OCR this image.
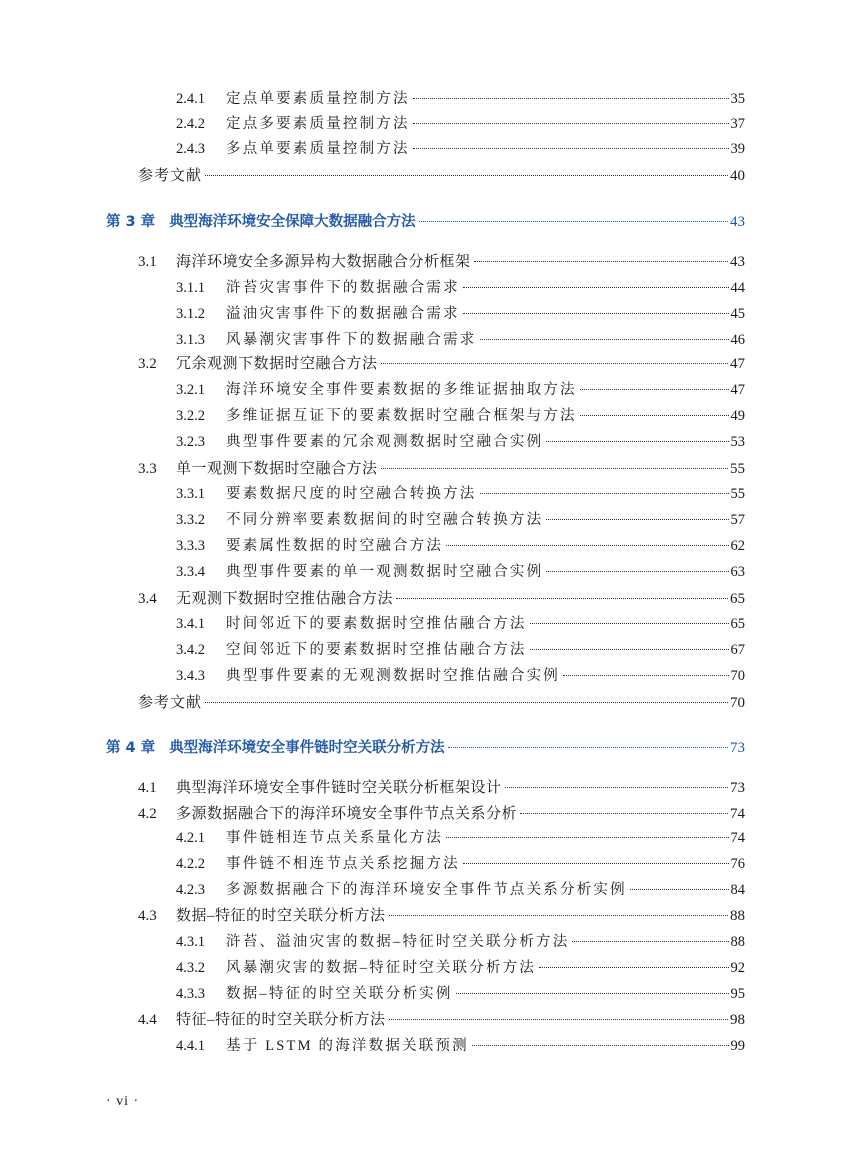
2.4.1	定点单要素质量控制方法	35
2.4.2	定点多要素质量控制方法	37
2.4.3	多点单要素质量控制方法	39
参考文献	40
第 3 章 典型海洋环境安全保障大数据融合方法	43
3.1	海洋环境安全多源异构大数据融合分析框架	43
3.1.1	浒苔灾害事件下的数据融合需求	44
3.1.2	溢油灾害事件下的数据融合需求	45
3.1.3	风暴潮灾害事件下的数据融合需求	46
3.2	冗余观测下数据时空融合方法	47
3.2.1	海洋环境安全事件要素数据的多维证据抽取方法	47
3.2.2	多维证据互证下的要素数据时空融合框架与方法	49
3.2.3	典型事件要素的冗余观测数据时空融合实例	53
3.3	单一观测下数据时空融合方法	55
3.3.1	要素数据尺度的时空融合转换方法	55
3.3.2	不同分辨率要素数据间的时空融合转换方法	57
3.3.3	要素属性数据的时空融合方法	62
3.3.4	典型事件要素的单一观测数据时空融合实例	63
3.4	无观测下数据时空推估融合方法	65
3.4.1	时间邻近下的要素数据时空推估融合方法	65
3.4.2	空间邻近下的要素数据时空推估融合方法	67
3.4.3	典型事件要素的无观测数据时空推估融合实例	70
参考文献	70
第 4 章 典型海洋环境安全事件链时空关联分析方法	73
4.1	典型海洋环境安全事件链时空关联分析框架设计	73
4.2	多源数据融合下的海洋环境安全事件节点关系分析	74
4.2.1	事件链相连节点关系量化方法	74
4.2.2	事件链不相连节点关系挖掘方法	76
4.2.3	多源数据融合下的海洋环境安全事件节点关系分析实例	84
4.3	数据–特征的时空关联分析方法	88
4.3.1	浒苔、溢油灾害的数据–特征时空关联分析方法	88
4.3.2	风暴潮灾害的数据–特征时空关联分析方法	92
4.3.3	数据–特征的时空关联分析实例	95
4.4	特征–特征的时空关联分析方法	98
4.4.1	基于 LSTM 的海洋数据关联预测	99
· vi ·
